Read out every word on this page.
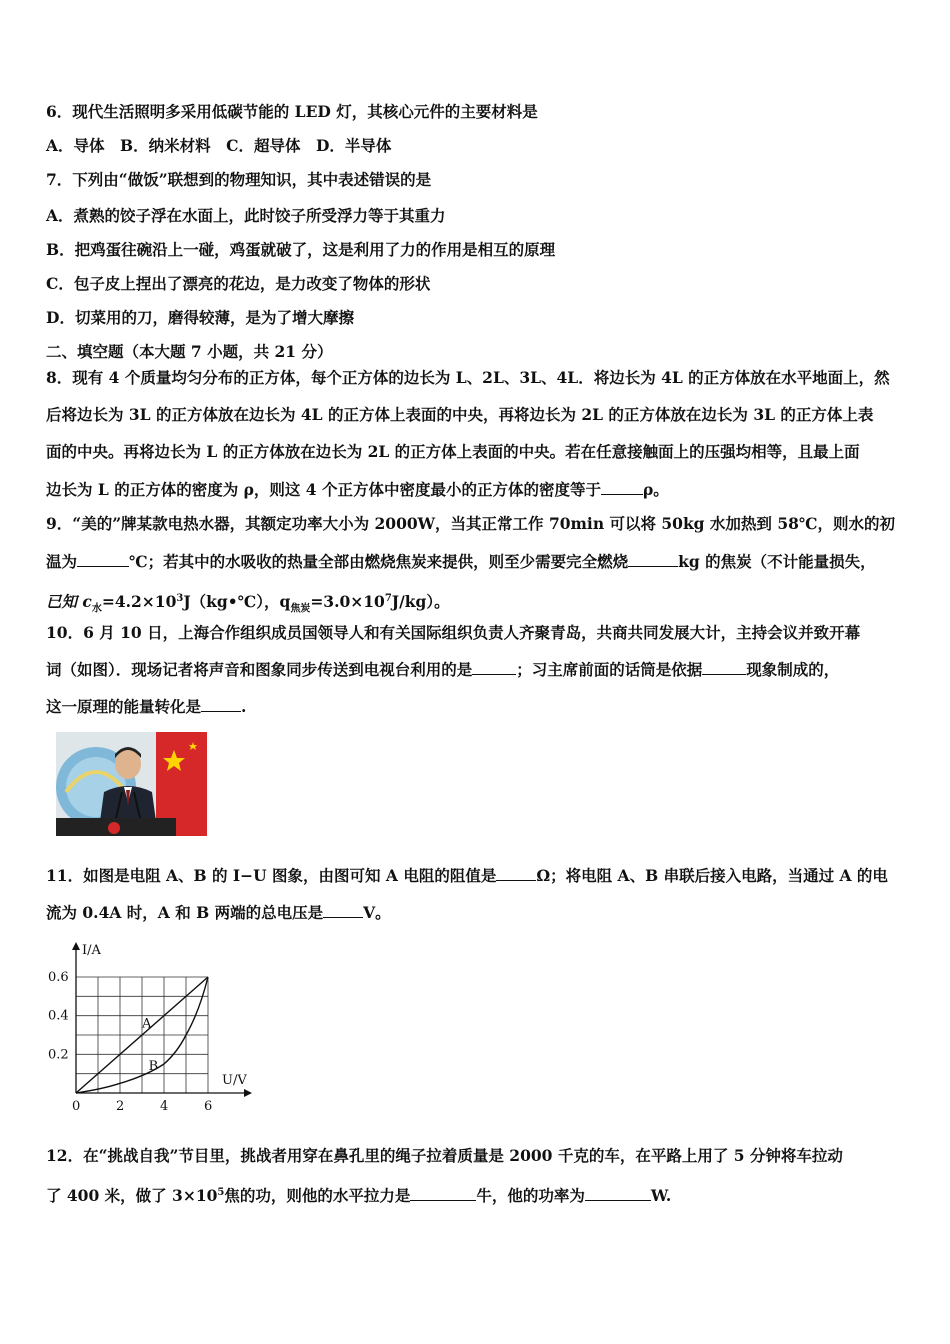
6．现代生活照明多采用低碳节能的 LED 灯，其核心元件的主要材料是
A．导体　B．纳米材料　C．超导体　D．半导体
7．下列由“做饭”联想到的物理知识，其中表述错误的是
A．煮熟的饺子浮在水面上，此时饺子所受浮力等于其重力
B．把鸡蛋往碗沿上一碰，鸡蛋就破了，这是利用了力的作用是相互的原理
C．包子皮上捏出了漂亮的花边，是力改变了物体的形状
D．切菜用的刀，磨得较薄，是为了增大摩擦
二、填空题（本大题 7 小题，共 21 分）
8．现有 4 个质量均匀分布的正方体，每个正方体的边长为 L、2L、3L、4L．将边长为 4L 的正方体放在水平地面上，然
后将边长为 3L 的正方体放在边长为 4L 的正方体上表面的中央，再将边长为 2L 的正方体放在边长为 3L 的正方体上表
面的中央。再将边长为 L 的正方体放在边长为 2L 的正方体上表面的中央。若在任意接触面上的压强均相等，且最上面
边长为 L 的正方体的密度为 ρ，则这 4 个正方体中密度最小的正方体的密度等于	ρ。
9．“美的”牌某款电热水器，其额定功率大小为 2000W，当其正常工作 70min 可以将 50kg 水加热到 58℃，则水的初
温为	℃；若其中的水吸收的热量全部由燃烧焦炭来提供，则至少需要完全燃烧	kg 的焦炭（不计能量损失，
已知 $c_水=4.2\times 10^3J(kg•℃)$，$q_{焦炭}=3.0\times 10^7J/kg$）。
10．6 月 10 日，上海合作组织成员国领导人和有关国际组织负责人齐聚青岛，共商共同发展大计，主持会议并致开幕
词（如图）．现场记者将声音和图象同步传送到电视台利用的是	；习主席前面的话筒是依据	现象制成的，
这一原理的能量转化是	.
11．如图是电阻 A、B 的 I−U 图象，由图可知 A 电阻的阻值是	Ω；将电阻 A、B 串联后接入电路，当通过 A 的电
流为 0.4A 时，A 和 B 两端的总电压是	V。
A
B
0	2	4	6
0.2
0.4
0.6
I/A
U/V
12．在“挑战自我”节目里，挑战者用穿在鼻孔里的绳子拉着质量是 2000 千克的车，在平路上用了 5 分钟将车拉动
了 400 米，做了 $3\times 10^5$焦的功，则他的水平拉力是	牛，他的功率为	W.
